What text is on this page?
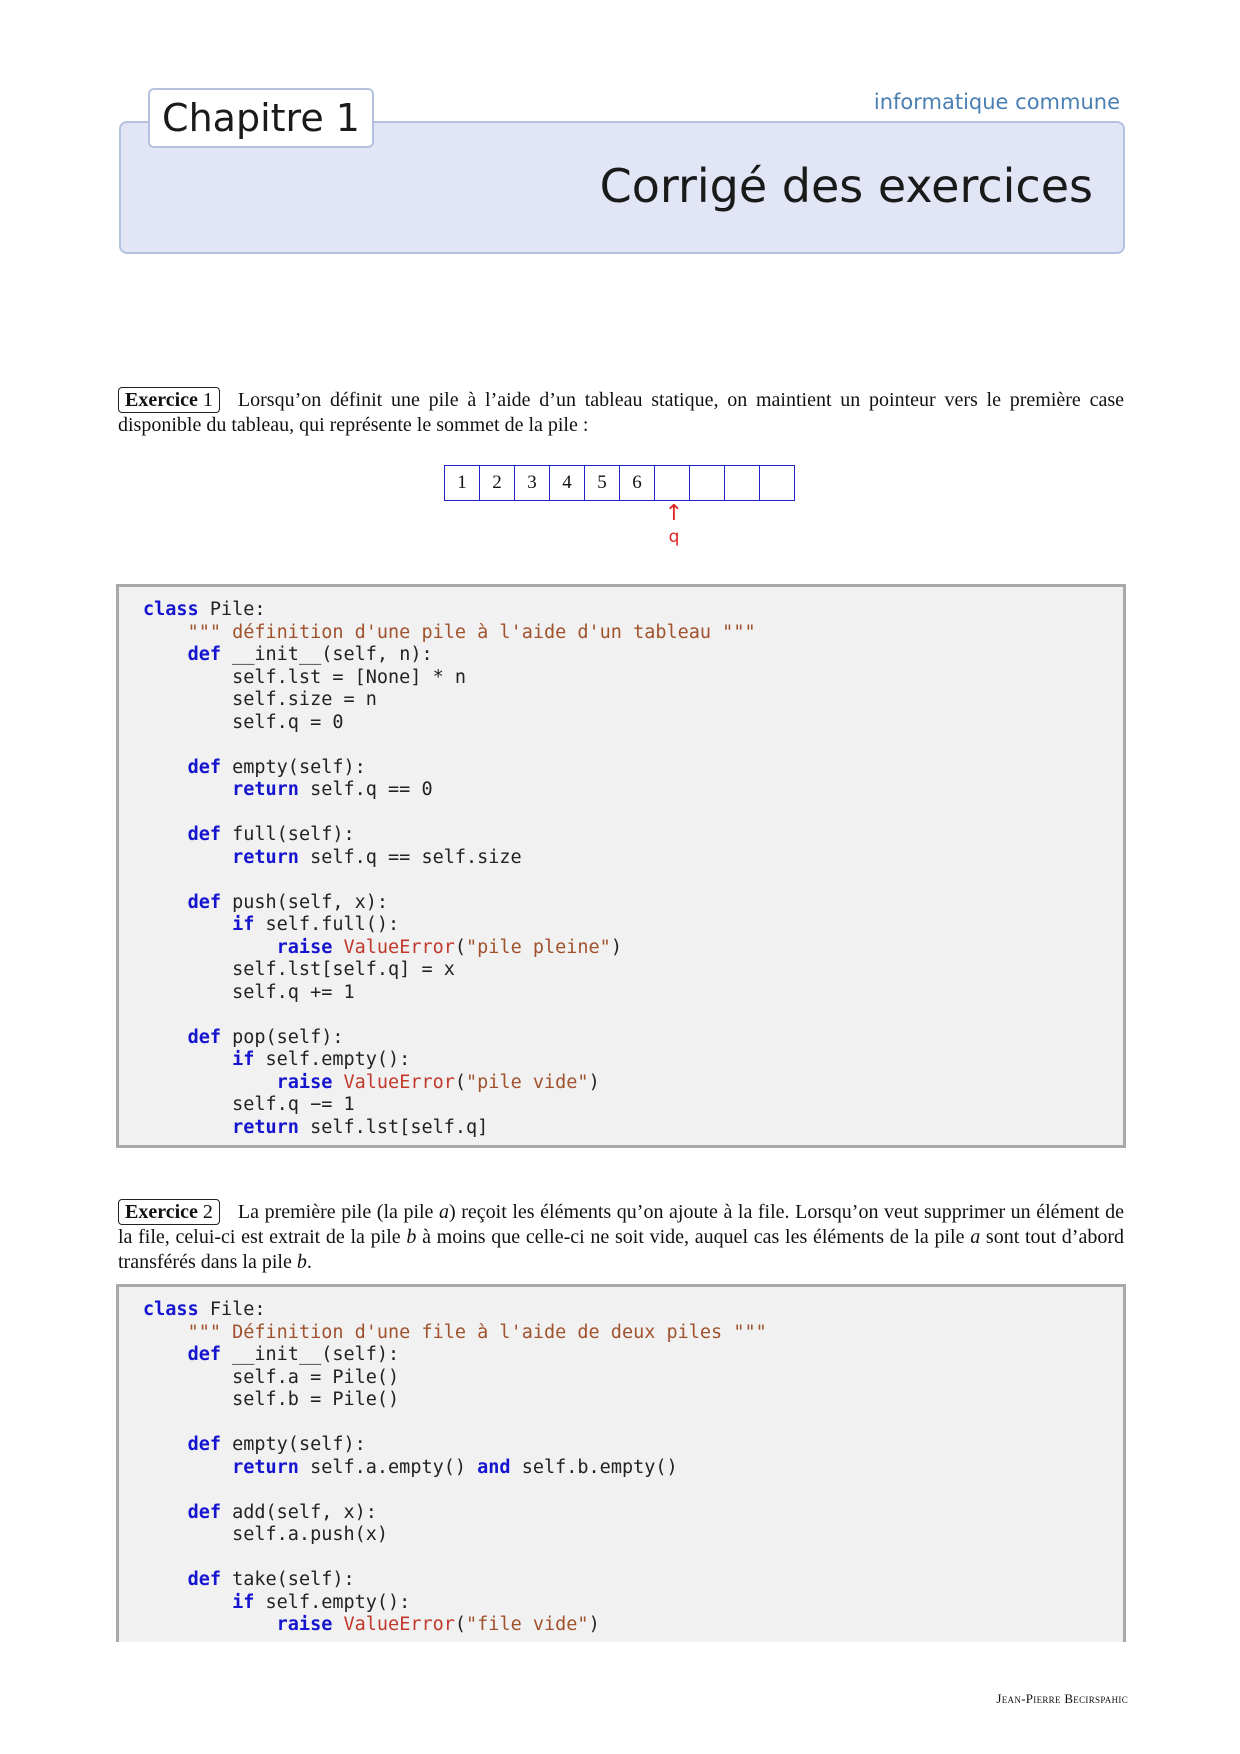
informatique commune
Corrigé des exercices
Chapitre 1
Exercice 1 Lorsqu’on définit une pile à l’aide d’un tableau statique, on maintient un pointeur vers le première case disponible du tableau, qui représente le sommet de la pile :
1	2	3	4	5	6
↑
q
class Pile:
""" définition d'une pile à l'aide d'un tableau """
def __init__(self, n):
self.lst = [None] * n
self.size = n
self.q = 0

def empty(self):
return self.q == 0

def full(self):
return self.q == self.size

def push(self, x):
if self.full():
raise ValueError("pile pleine")
self.lst[self.q] = x
self.q += 1

def pop(self):
if self.empty():
raise ValueError("pile vide")
self.q −= 1
return self.lst[self.q]
Exercice 2 La première pile (la pile a) reçoit les éléments qu’on ajoute à la file. Lorsqu’on veut supprimer un élément de la file, celui-ci est extrait de la pile b à moins que celle-ci ne soit vide, auquel cas les éléments de la pile a sont tout d’abord transférés dans la pile b.
class File:
""" Définition d'une file à l'aide de deux piles """
def __init__(self):
self.a = Pile()
self.b = Pile()

def empty(self):
return self.a.empty() and self.b.empty()

def add(self, x):
self.a.push(x)

def take(self):
if self.empty():
raise ValueError("file vide")
Jean-Pierre Becirspahic
